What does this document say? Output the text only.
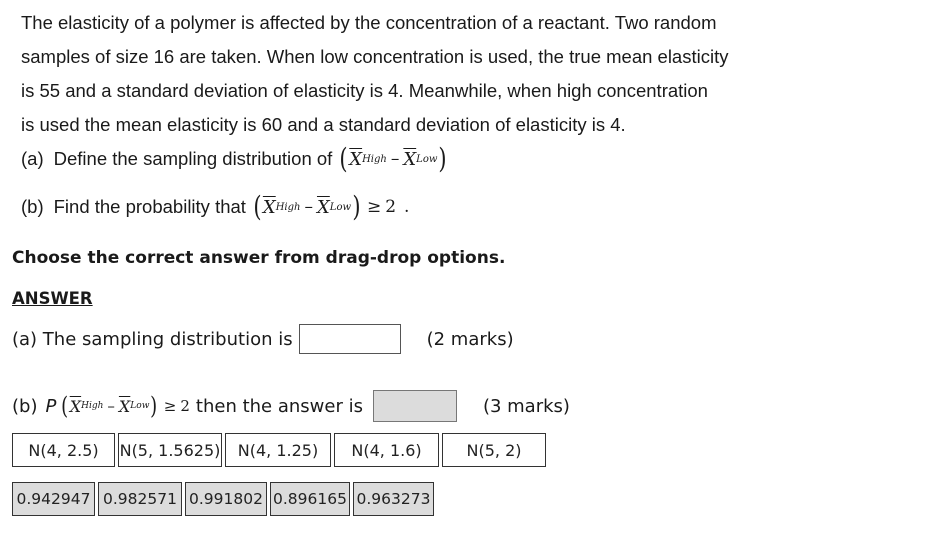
The elasticity of a polymer is affected by the concentration of a reactant. Two random

samples of size 16 are taken. When low concentration is used, the true mean elasticity

is 55 and a standard deviation of elasticity is 4. Meanwhile, when high concentration

is used the mean elasticity is 60 and a standard deviation of elasticity is 4.

(a) Define the sampling distribution of ( $\overline{X}$ High – $\overline{X}$ Low )
(b) Find the probability that ( $\overline{X}$ High – $\overline{X}$ Low ) ≥ 2 .
Choose the correct answer from drag-drop options.
ANSWER
(a) The sampling distribution is	(2 marks)
(b) P ( $\overline{X}$ High – $\overline{X}$ Low ) ≥ 2 then the answer is	(3 marks)
N(4, 2.5)	N(5, 1.5625)	N(4, 1.25)	N(4, 1.6)	N(5, 2)
0.942947 0.982571 0.991802 0.896165 0.963273
